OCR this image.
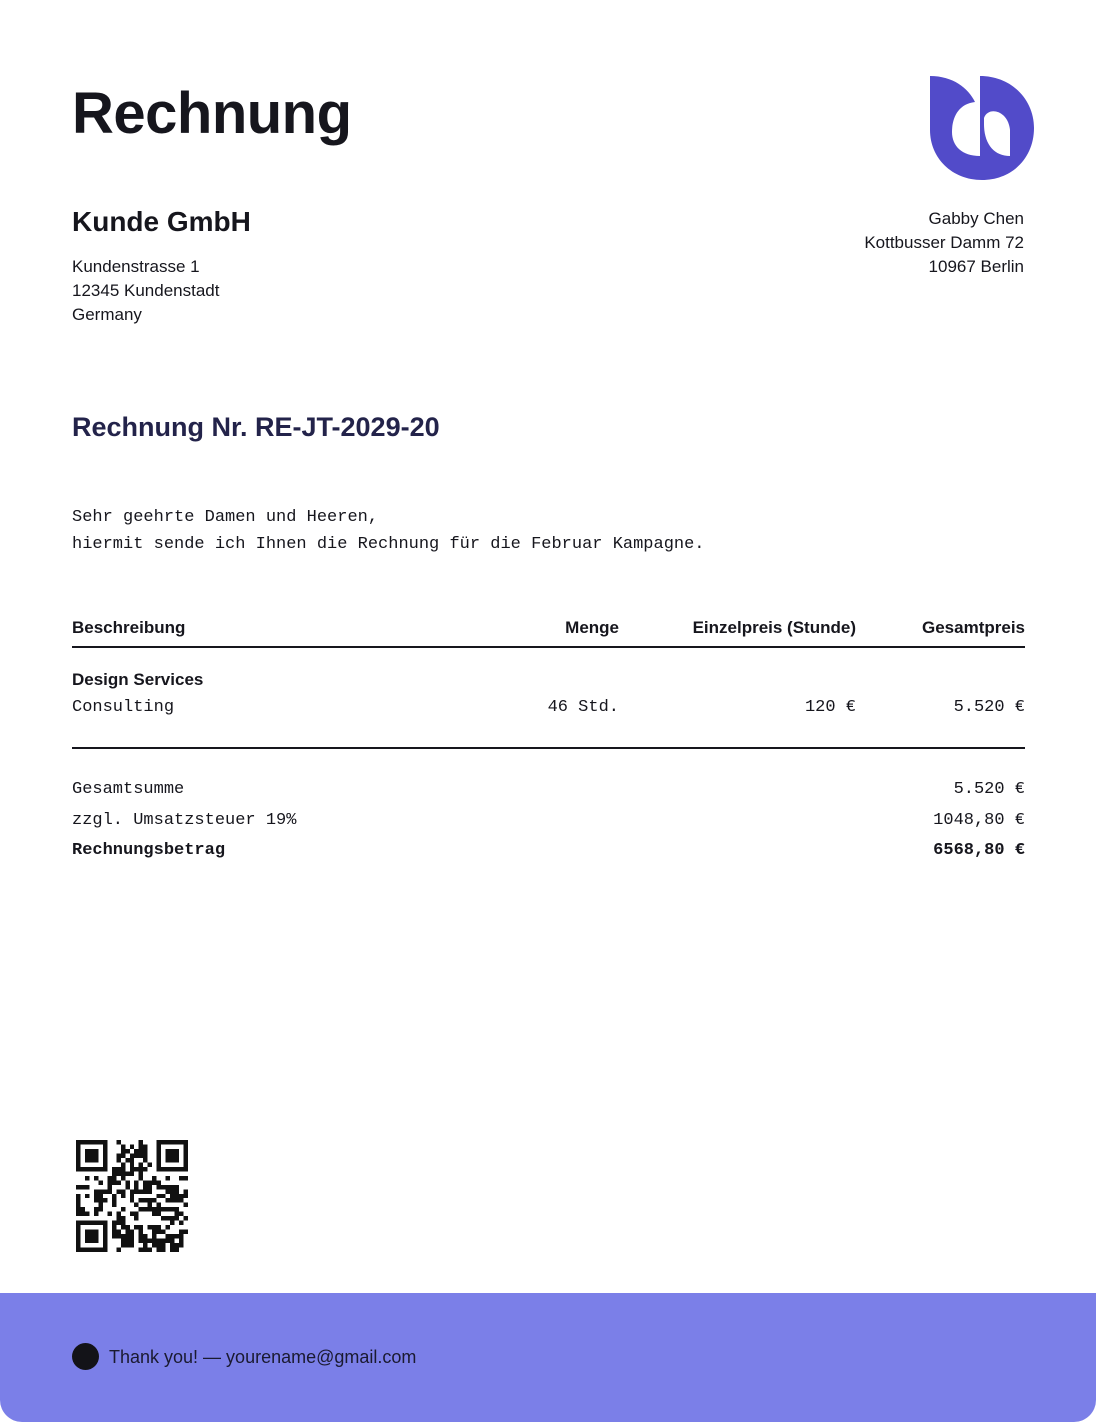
Rechnung
Kunde GmbH
Kundenstrasse 1
12345 Kundenstadt
Germany
Gabby Chen
Kottbusser Damm 72
10967 Berlin
Rechnung Nr. RE-JT-2029-20
Sehr geehrte Damen und Heeren,
hiermit sende ich Ihnen die Rechnung für die Februar Kampagne.
Beschreibung	Menge	Einzelpreis (Stunde)	Gesamtpreis
Design Services			
Consulting	46 Std.	120 €	5.520 €
Gesamtsumme	5.520 €
zzgl. Umsatzsteuer 19%	1048,80 €
Rechnungsbetrag	6568,80 €
Thank you! — yourename@gmail.com
